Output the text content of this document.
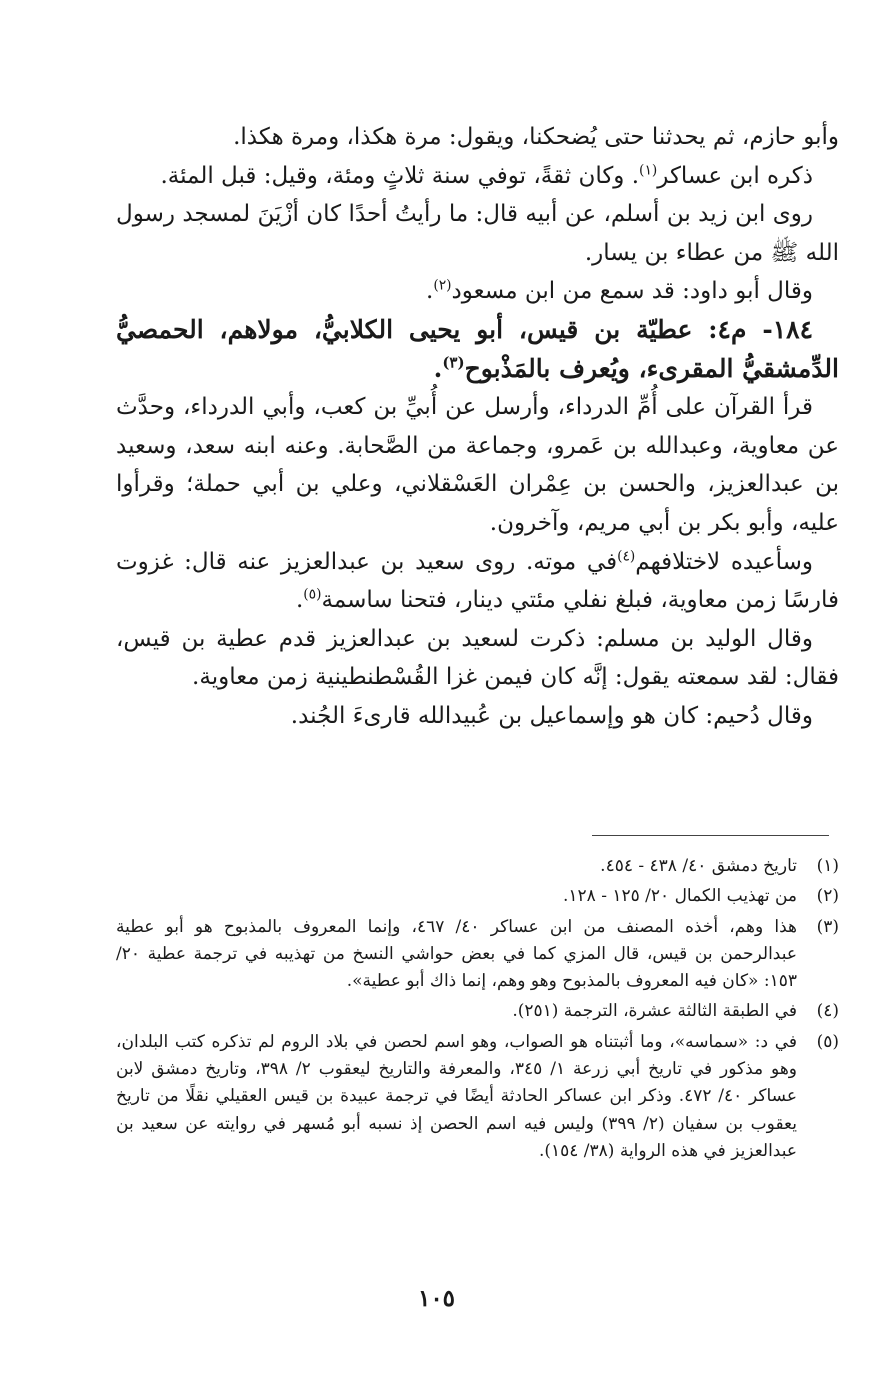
وأبو حازم، ثم يحدثنا حتى يُضحكنا، ويقول: مرة هكذا، ومرة هكذا.

ذكره ابن عساكر$^{(١)}$. وكان ثقةً، توفي سنة ثلاثٍ ومئة، وقيل: قبل المئة.

روى ابن زيد بن أسلم، عن أبيه قال: ما رأيتُ أحدًا كان أزْيَنَ لمسجد رسول الله ﷺ من عطاء بن يسار.

وقال أبو داود: قد سمع من ابن مسعود$^{(٢)}$.

١٨٤- م٤: عطيّة بن قيس، أبو يحيى الكلابيُّ، مولاهم، الحمصيُّ الدِّمشقيُّ المقرىء، ويُعرف بالمَذْبوح$^{(٣)}$.

قرأ القرآن على أُمِّ الدرداء، وأرسل عن أُبيِّ بن كعب، وأبي الدرداء، وحدَّث عن معاوية، وعبدالله بن عَمرو، وجماعة من الصَّحابة. وعنه ابنه سعد، وسعيد بن عبدالعزيز، والحسن بن عِمْران العَسْقلاني، وعلي بن أبي حملة؛ وقرأوا عليه، وأبو بكر بن أبي مريم، وآخرون.

وسأعيده لاختلافهم$^{(٤)}$في موته. روى سعيد بن عبدالعزيز عنه قال: غزوت فارسًا زمن معاوية، فبلغ نفلي مئتي دينار، فتحنا ساسمة$^{(٥)}$.

وقال الوليد بن مسلم: ذكرت لسعيد بن عبدالعزيز قدم عطية بن قيس، فقال: لقد سمعته يقول: إنَّه كان فيمن غزا القُسْطنطينية زمن معاوية.

وقال دُحيم: كان هو وإسماعيل بن عُبيدالله قارىءَ الجُند.

(١)
تاريخ دمشق ٤٠/ ٤٣٨ - ٤٥٤.
(٢)
من تهذيب الكمال ٢٠/ ١٢٥ - ١٢٨.
(٣)
هذا وهم، أخذه المصنف من ابن عساكر ٤٠/ ٤٦٧، وإنما المعروف بالمذبوح هو أبو عطية عبدالرحمن بن قيس، قال المزي كما في بعض حواشي النسخ من تهذيبه في ترجمة عطية ٢٠/ ١٥٣: «كان فيه المعروف بالمذبوح وهو وهم، إنما ذاك أبو عطية».
(٤)
في الطبقة الثالثة عشرة، الترجمة (٢٥١).
(٥)
في د: «سماسه»، وما أثبتناه هو الصواب، وهو اسم لحصن في بلاد الروم لم تذكره كتب البلدان، وهو مذكور في تاريخ أبي زرعة ١/ ٣٤٥، والمعرفة والتاريخ ليعقوب ٢/ ٣٩٨، وتاريخ دمشق لابن عساكر ٤٠/ ٤٧٢. وذكر ابن عساكر الحادثة أيضًا في ترجمة عبيدة بن قيس العقيلي نقلًا من تاريخ يعقوب بن سفيان (٢/ ٣٩٩) وليس فيه اسم الحصن إذ نسبه أبو مُسهر في روايته عن سعيد بن عبدالعزيز في هذه الرواية (٣٨/ ١٥٤).
١٠٥
